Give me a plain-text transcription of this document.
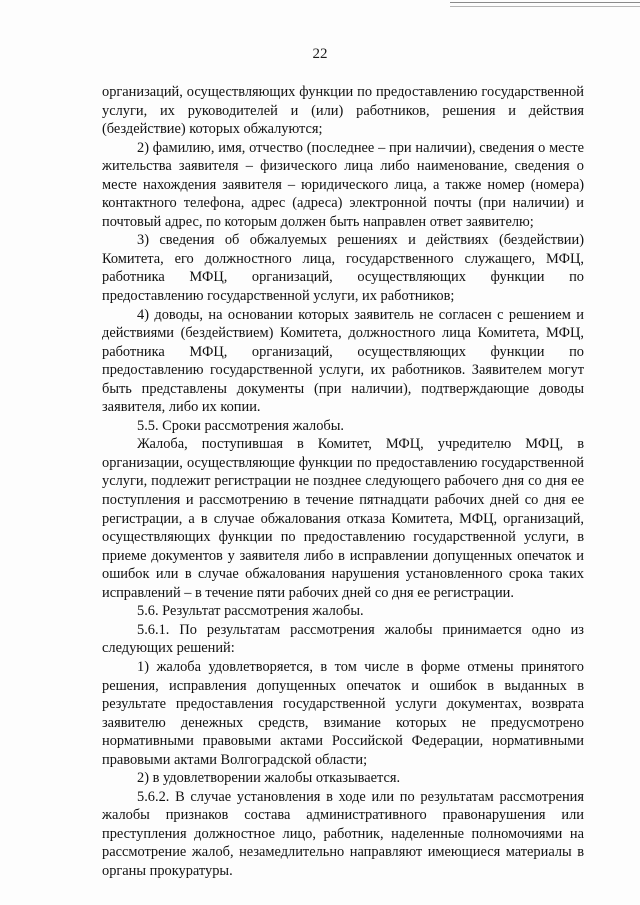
22

организаций, осуществляющих функции по предоставлению государственной услуги, их руководителей и (или) работников, решения и действия (бездействие) которых обжалуются;

2) фамилию, имя, отчество (последнее – при наличии), сведения о месте жительства заявителя – физического лица либо наименование, сведения о месте нахождения заявителя – юридического лица, а также номер (номера) контактного телефона, адрес (адреса) электронной почты (при наличии) и почтовый адрес, по которым должен быть направлен ответ заявителю;

3) сведения об обжалуемых решениях и действиях (бездействии) Комитета, его должностного лица, государственного служащего, МФЦ, работника МФЦ, организаций, осуществляющих функции по предоставлению государственной услуги, их работников;

4) доводы, на основании которых заявитель не согласен с решением и действиями (бездействием) Комитета, должностного лица Комитета, МФЦ, работника МФЦ, организаций, осуществляющих функции по предоставлению государственной услуги, их работников. Заявителем могут быть представлены документы (при наличии), подтверждающие доводы заявителя, либо их копии.

5.5. Сроки рассмотрения жалобы.

Жалоба, поступившая в Комитет, МФЦ, учредителю МФЦ, в организации, осуществляющие функции по предоставлению государственной услуги, подлежит регистрации не позднее следующего рабочего дня со дня ее поступления и рассмотрению в течение пятнадцати рабочих дней со дня ее регистрации, а в случае обжалования отказа Комитета, МФЦ, организаций, осуществляющих функции по предоставлению государственной услуги, в приеме документов у заявителя либо в исправлении допущенных опечаток и ошибок или в случае обжалования нарушения установленного срока таких исправлений – в течение пяти рабочих дней со дня ее регистрации.

5.6. Результат рассмотрения жалобы.

5.6.1. По результатам рассмотрения жалобы принимается одно из следующих решений:

1) жалоба удовлетворяется, в том числе в форме отмены принятого решения, исправления допущенных опечаток и ошибок в выданных в результате предоставления государственной услуги документах, возврата заявителю денежных средств, взимание которых не предусмотрено нормативными правовыми актами Российской Федерации, нормативными правовыми актами Волгоградской области;

2) в удовлетворении жалобы отказывается.

5.6.2. В случае установления в ходе или по результатам рассмотрения жалобы признаков состава административного правонарушения или преступления должностное лицо, работник, наделенные полномочиями на рассмотрение жалоб, незамедлительно направляют имеющиеся материалы в органы прокуратуры.
